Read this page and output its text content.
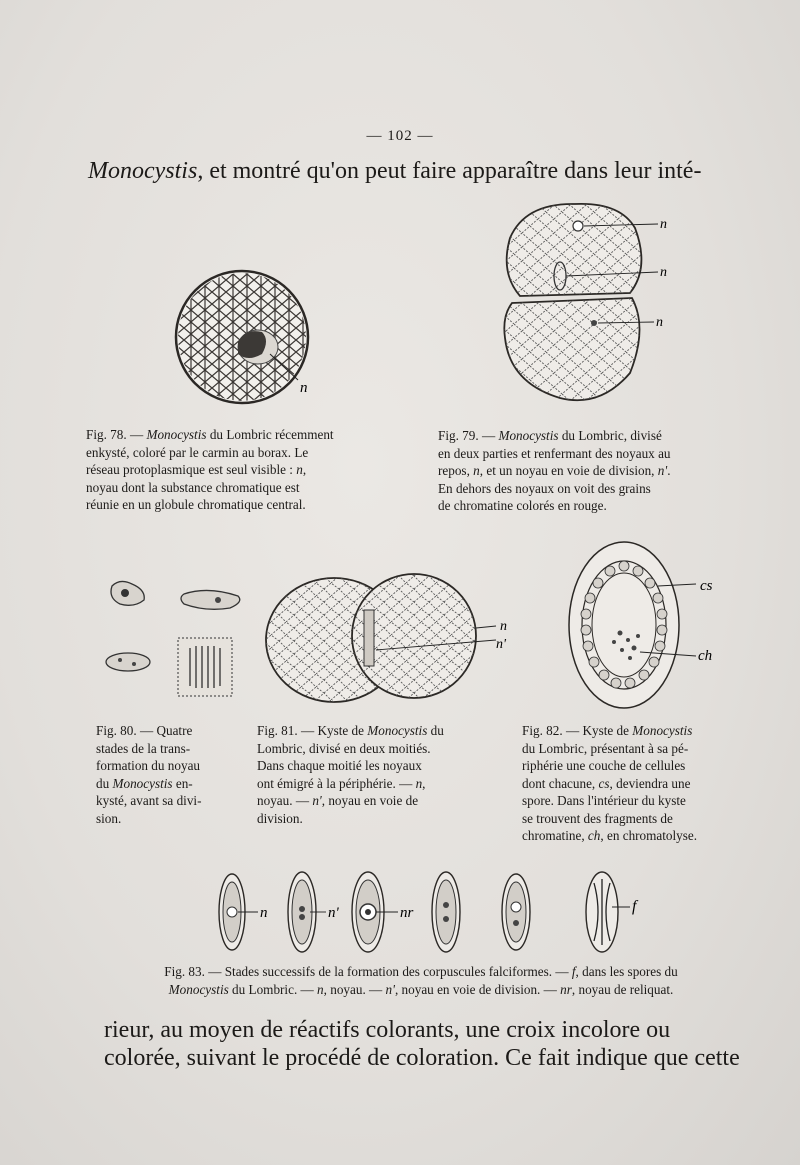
— 102 —
Monocystis, et montré qu'on peut faire apparaître dans leur inté-
n
Fig. 78. — Monocystis du Lombric récemment
enkysté, coloré par le carmin au borax. Le
réseau protoplasmique est seul visible : n,
noyau dont la substance chromatique est
réunie en un globule chromatique central.
n
n
n
Fig. 79. — Monocystis du Lombric, divisé
en deux parties et renfermant des noyaux au
repos, n, et un noyau en voie de division, n'.
En dehors des noyaux on voit des grains
de chromatine colorés en rouge.
Fig. 80. — Quatre
stades de la trans-
formation du noyau
du Monocystis en-
kysté, avant sa divi-
sion.
n
n'
Fig. 81. — Kyste de Monocystis du
Lombric, divisé en deux moitiés.
Dans chaque moitié les noyaux
ont émigré à la périphérie. — n,
noyau. — n', noyau en voie de
division.
cs
ch
Fig. 82. — Kyste de Monocystis
du Lombric, présentant à sa pé-
riphérie une couche de cellules
dont chacune, cs, deviendra une
spore. Dans l'intérieur du kyste
se trouvent des fragments de
chromatine, ch, en chromatolyse.
n	n'	nr	f
Fig. 83. — Stades successifs de la formation des corpuscules falciformes. — f, dans les spores du
Monocystis du Lombric. — n, noyau. — n', noyau en voie de division. — nr, noyau de reliquat.
rieur, au moyen de réactifs colorants, une croix incolore ou
colorée, suivant le procédé de coloration. Ce fait indique que cette
